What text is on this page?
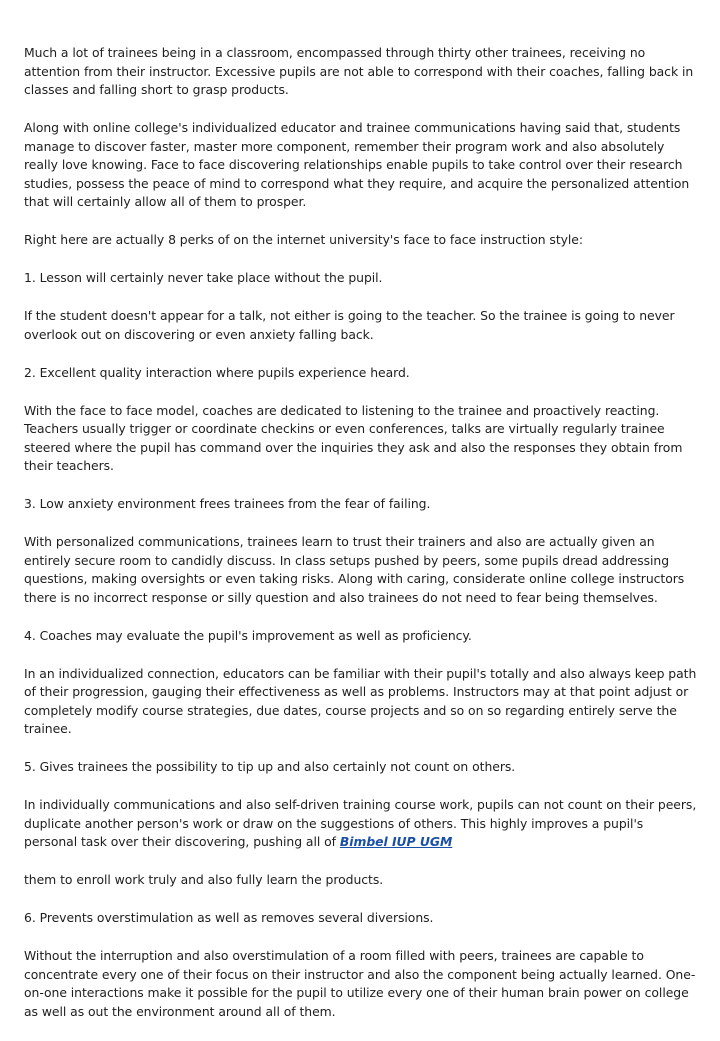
Much a lot of trainees being in a classroom, encompassed through thirty other trainees, receiving no attention from their instructor. Excessive pupils are not able to correspond with their coaches, falling back in classes and falling short to grasp products.

Along with online college's individualized educator and trainee communications having said that, students manage to discover faster, master more component, remember their program work and also absolutely really love knowing. Face to face discovering relationships enable pupils to take control over their research studies, possess the peace of mind to correspond what they require, and acquire the personalized attention that will certainly allow all of them to prosper.

Right here are actually 8 perks of on the internet university's face to face instruction style:

1. Lesson will certainly never take place without the pupil.

If the student doesn't appear for a talk, not either is going to the teacher. So the trainee is going to never overlook out on discovering or even anxiety falling back.

2. Excellent quality interaction where pupils experience heard.

With the face to face model, coaches are dedicated to listening to the trainee and proactively reacting. Teachers usually trigger or coordinate checkins or even conferences, talks are virtually regularly trainee steered where the pupil has command over the inquiries they ask and also the responses they obtain from their teachers.

3. Low anxiety environment frees trainees from the fear of failing.

With personalized communications, trainees learn to trust their trainers and also are actually given an entirely secure room to candidly discuss. In class setups pushed by peers, some pupils dread addressing questions, making oversights or even taking risks. Along with caring, considerate online college instructors there is no incorrect response or silly question and also trainees do not need to fear being themselves.

4. Coaches may evaluate the pupil's improvement as well as proficiency.

In an individualized connection, educators can be familiar with their pupil's totally and also always keep path of their progression, gauging their effectiveness as well as problems. Instructors may at that point adjust or completely modify course strategies, due dates, course projects and so on so regarding entirely serve the trainee.

5. Gives trainees the possibility to tip up and also certainly not count on others.

In individually communications and also self-driven training course work, pupils can not count on their peers, duplicate another person's work or draw on the suggestions of others. This highly improves a pupil's personal task over their discovering, pushing all of Bimbel IUP UGM

them to enroll work truly and also fully learn the products.

6. Prevents overstimulation as well as removes several diversions.

Without the interruption and also overstimulation of a room filled with peers, trainees are capable to concentrate every one of their focus on their instructor and also the component being actually learned. One-on-one interactions make it possible for the pupil to utilize every one of their human brain power on college as well as out the environment around all of them.
